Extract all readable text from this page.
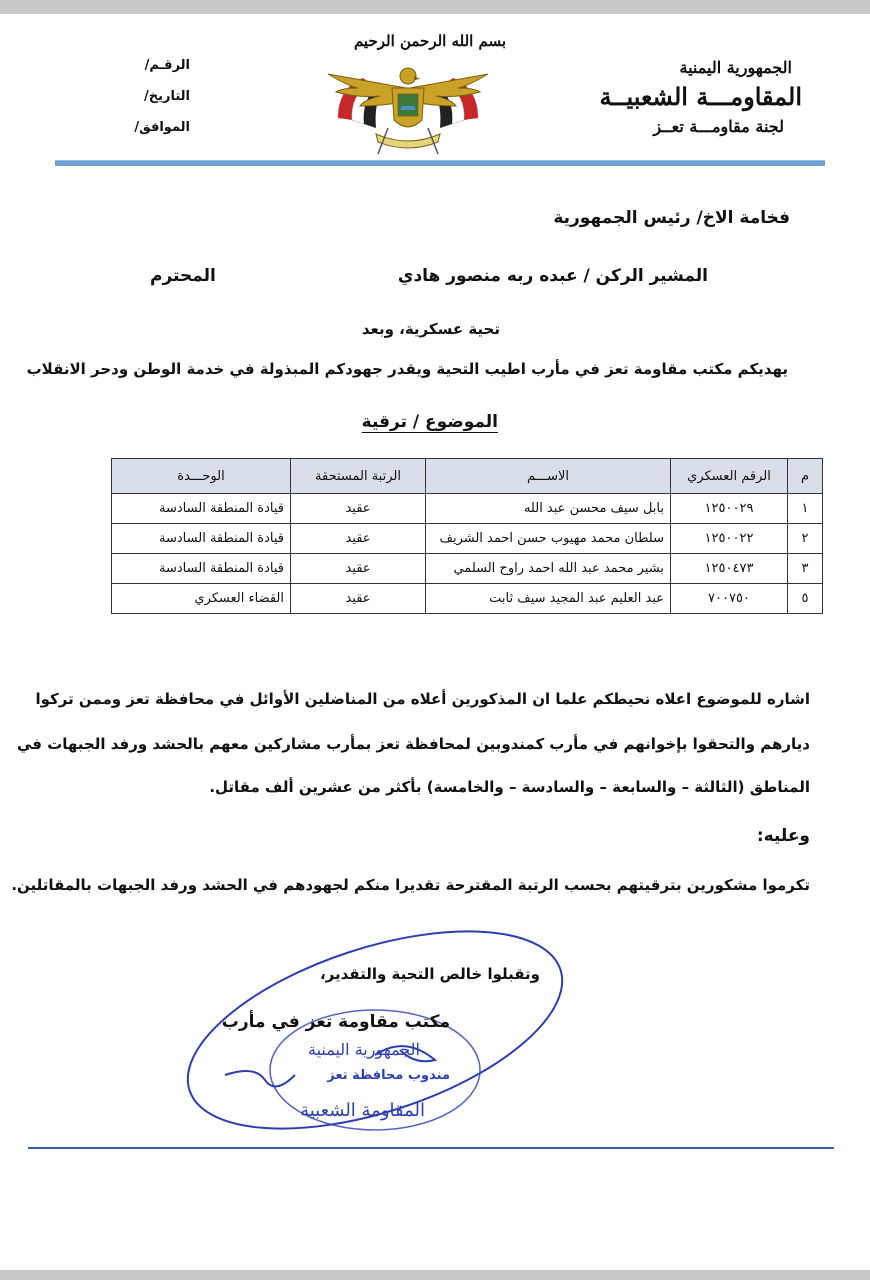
بسم الله الرحمن الرحيم
الجمهورية اليمنية
المقاومـــة الشعبيــة
لجنة مقاومـــة تعــز
الرقـم/
التاريخ/
الموافق/
فخامة الاخ/ رئيس الجمهورية
المشير الركن / عبده ربه منصور هادي
المحترم
تحية عسكرية، وبعد
يهديكم مكتب مقاومة تعز في مأرب اطيب التحية ويقدر جهودكم المبذولة في خدمة الوطن ودحر الانقلاب
الموضوع / ترقية
م	الرقم العسكري	الاســـم	الرتبة المستحقة	الوحـــدة
١	١٢٥٠٠٢٩	بابل سيف محسن عبد الله	عقيد	قيادة المنطقة السادسة
٢	١٢٥٠٠٢٢	سلطان محمد مهيوب حسن احمد الشريف	عقيد	قيادة المنطقة السادسة
٣	١٢٥٠٤٧٣	بشير محمد عبد الله احمد راوح السلمي	عقيد	قيادة المنطقة السادسة
٥	٧٠٠٧٥٠	عبد العليم عبد المجيد سيف ثابت	عقيد	القضاء العسكري
اشاره للموضوع اعلاه نحيطكم علما ان المذكورين أعلاه من المناضلين الأوائل في محافظة تعز وممن تركوا
ديارهم والتحقوا بإخوانهم في مأرب كمندوبين لمحافظة تعز بمأرب مشاركين معهم بالحشد ورفد الجبهات في
المناطق (الثالثة – والسابعة – والسادسة – والخامسة) بأكثر من عشرين ألف مقاتل.
وعليه:
تكرموا مشكورين بترقيتهم بحسب الرتبة المقترحة تقديرا منكم لجهودهم في الحشد ورفد الجبهات بالمقاتلين.
وتقبلوا خالص التحية والتقدير،
مكتب مقاومة تعز في مأرب
الجمهورية اليمنية
مندوب محافظة تعز
المقاومة الشعبية
